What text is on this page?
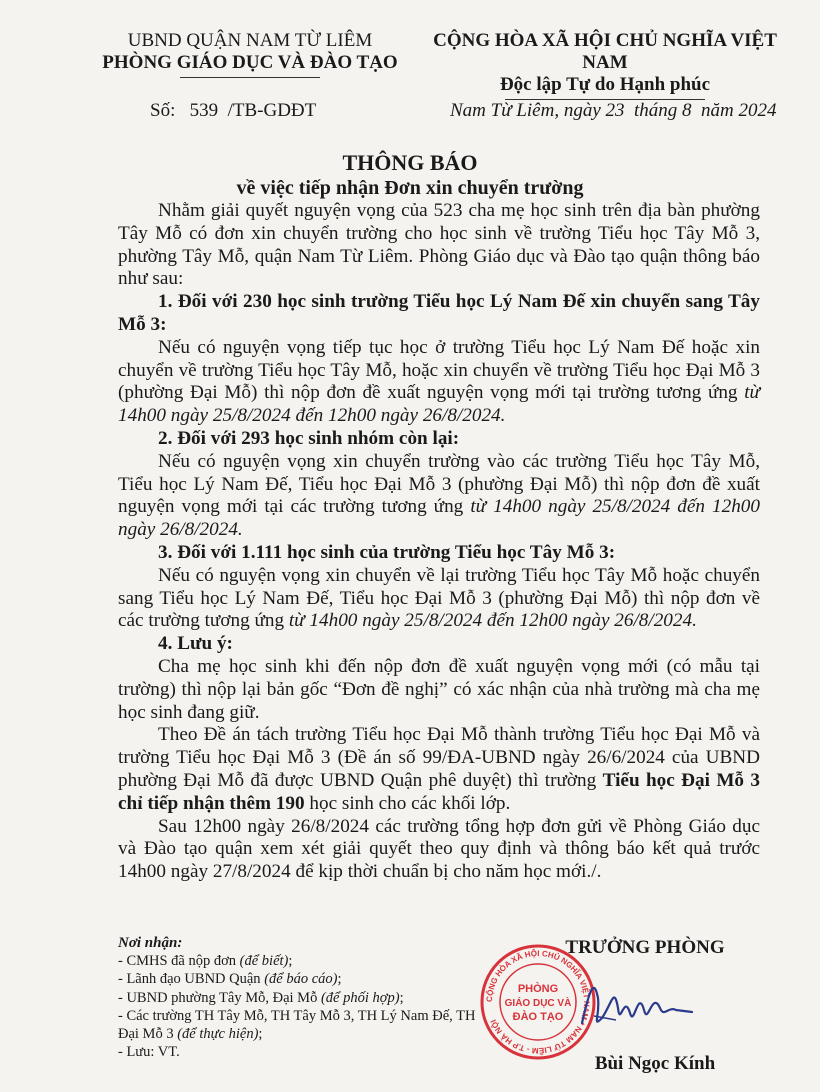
UBND QUẬN NAM TỪ LIÊM
PHÒNG GIÁO DỤC VÀ ĐÀO TẠO
CỘNG HÒA XÃ HỘI CHỦ NGHĨA VIỆT NAM
Độc lập Tự do Hạnh phúc
Số: 539 /TB-GDĐT	Nam Từ Liêm, ngày 23 tháng 8 năm 2024
THÔNG BÁO
về việc tiếp nhận Đơn xin chuyển trường

Nhằm giải quyết nguyện vọng của 523 cha mẹ học sinh trên địa bàn phường Tây Mỗ có đơn xin chuyển trường cho học sinh về trường Tiểu học Tây Mỗ 3, phường Tây Mỗ, quận Nam Từ Liêm. Phòng Giáo dục và Đào tạo quận thông báo như sau:

1. Đối với 230 học sinh trường Tiểu học Lý Nam Đế xin chuyển sang Tây Mỗ 3:

Nếu có nguyện vọng tiếp tục học ở trường Tiểu học Lý Nam Đế hoặc xin chuyển về trường Tiểu học Tây Mỗ, hoặc xin chuyển về trường Tiểu học Đại Mỗ 3 (phường Đại Mỗ) thì nộp đơn đề xuất nguyện vọng mới tại trường tương ứng từ 14h00 ngày 25/8/2024 đến 12h00 ngày 26/8/2024.

2. Đối với 293 học sinh nhóm còn lại:

Nếu có nguyện vọng xin chuyển trường vào các trường Tiểu học Tây Mỗ, Tiểu học Lý Nam Đế, Tiểu học Đại Mỗ 3 (phường Đại Mỗ) thì nộp đơn đề xuất nguyện vọng mới tại các trường tương ứng từ 14h00 ngày 25/8/2024 đến 12h00 ngày 26/8/2024.

3. Đối với 1.111 học sinh của trường Tiểu học Tây Mỗ 3:

Nếu có nguyện vọng xin chuyển về lại trường Tiểu học Tây Mỗ hoặc chuyển sang Tiểu học Lý Nam Đế, Tiểu học Đại Mỗ 3 (phường Đại Mỗ) thì nộp đơn về các trường tương ứng từ 14h00 ngày 25/8/2024 đến 12h00 ngày 26/8/2024.

4. Lưu ý:

Cha mẹ học sinh khi đến nộp đơn đề xuất nguyện vọng mới (có mẫu tại trường) thì nộp lại bản gốc “Đơn đề nghị” có xác nhận của nhà trường mà cha mẹ học sinh đang giữ.

Theo Đề án tách trường Tiểu học Đại Mỗ thành trường Tiểu học Đại Mỗ và trường Tiểu học Đại Mỗ 3 (Đề án số 99/ĐA-UBND ngày 26/6/2024 của UBND phường Đại Mỗ đã được UBND Quận phê duyệt) thì trường Tiểu học Đại Mỗ 3 chỉ tiếp nhận thêm 190 học sinh cho các khối lớp.

Sau 12h00 ngày 26/8/2024 các trường tổng hợp đơn gửi về Phòng Giáo dục và Đào tạo quận xem xét giải quyết theo quy định và thông báo kết quả trước 14h00 ngày 27/8/2024 để kịp thời chuẩn bị cho năm học mới./.

Nơi nhận:

- CMHS đã nộp đơn (để biết);

- Lãnh đạo UBND Quận (để báo cáo);

- UBND phường Tây Mỗ, Đại Mỗ (để phối hợp);

- Các trường TH Tây Mỗ, TH Tây Mỗ 3, TH Lý Nam Đế, TH Đại Mỗ 3 (để thực hiện);

- Lưu: VT.

CỘNG HÒA XÃ HỘI CHỦ NGHĨA VIỆT NAM * NAM TỪ LIÊM - T.P HÀ NỘI
PHÒNG
GIÁO DỤC VÀ
ĐÀO TẠO
TRƯỞNG PHÒNG
Bùi Ngọc Kính
